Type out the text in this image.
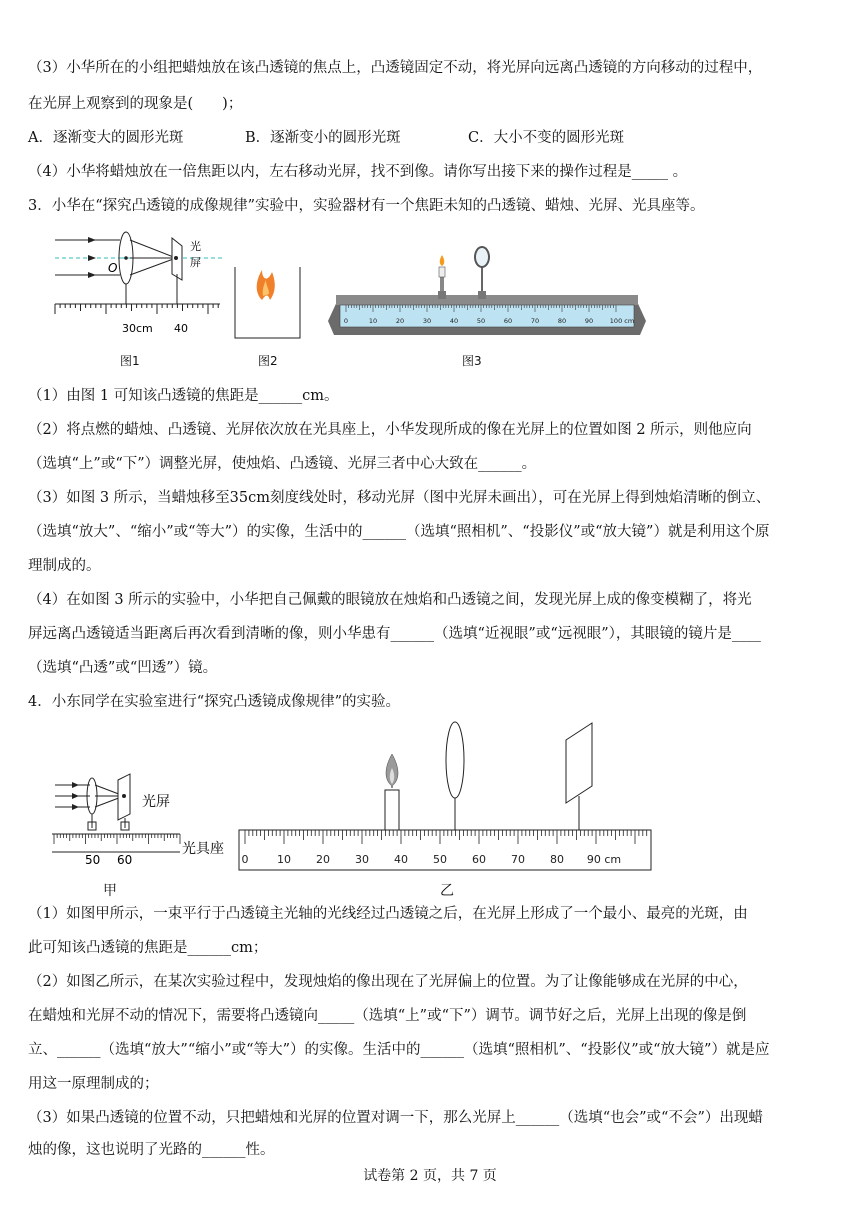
（3）小华所在的小组把蜡烛放在该凸透镜的焦点上，凸透镜固定不动，将光屏向远离凸透镜的方向移动的过程中，
在光屏上观察到的现象是(　　)；
A．逐渐变大的圆形光斑	B．逐渐变小的圆形光斑	C．大小不变的圆形光斑
（4）小华将蜡烛放在一倍焦距以内，左右移动光屏，找不到像。请你写出接下来的操作过程是_____ 。
3．小华在“探究凸透镜的成像规律”实验中，实验器材有一个焦距未知的凸透镜、蜡烛、光屏、光具座等。
O
光
屏
30cm 40
图1	图2
0	10	20	30	40	50	60	70	80	90	100 cm
图3
（1）由图 1 可知该凸透镜的焦距是______cm。
（2）将点燃的蜡烛、凸透镜、光屏依次放在光具座上，小华发现所成的像在光屏上的位置如图 2 所示，则他应向
（选填“上”或“下”）调整光屏，使烛焰、凸透镜、光屏三者中心大致在______。
（3）如图 3 所示，当蜡烛移至35cm刻度线处时，移动光屏（图中光屏未画出），可在光屏上得到烛焰清晰的倒立、
（选填“放大”、“缩小”或“等大”）的实像，生活中的______（选填“照相机”、“投影仪”或“放大镜”）就是利用这个原
理制成的。
（4）在如图 3 所示的实验中，小华把自己佩戴的眼镜放在烛焰和凸透镜之间，发现光屏上成的像变模糊了，将光
屏远离凸透镜适当距离后再次看到清晰的像，则小华患有______（选填“近视眼”或“远视眼”），其眼镜的镜片是____
（选填“凸透”或“凹透”）镜。
4．小东同学在实验室进行“探究凸透镜成像规律”的实验。
光屏
光具座
50 60
甲
0	10 20 30 40 50 60 70 80 90 cm
乙
（1）如图甲所示，一束平行于凸透镜主光轴的光线经过凸透镜之后，在光屏上形成了一个最小、最亮的光斑，由
此可知该凸透镜的焦距是______cm；
（2）如图乙所示，在某次实验过程中，发现烛焰的像出现在了光屏偏上的位置。为了让像能够成在光屏的中心，
在蜡烛和光屏不动的情况下，需要将凸透镜向_____（选填“上”或“下”）调节。调节好之后，光屏上出现的像是倒
立、______（选填“放大”“缩小”或“等大”）的实像。生活中的______（选填“照相机”、“投影仪”或“放大镜”）就是应
用这一原理制成的；
（3）如果凸透镜的位置不动，只把蜡烛和光屏的位置对调一下，那么光屏上______（选填“也会”或“不会”）出现蜡
烛的像，这也说明了光路的______性。
试卷第 2 页，共 7 页
